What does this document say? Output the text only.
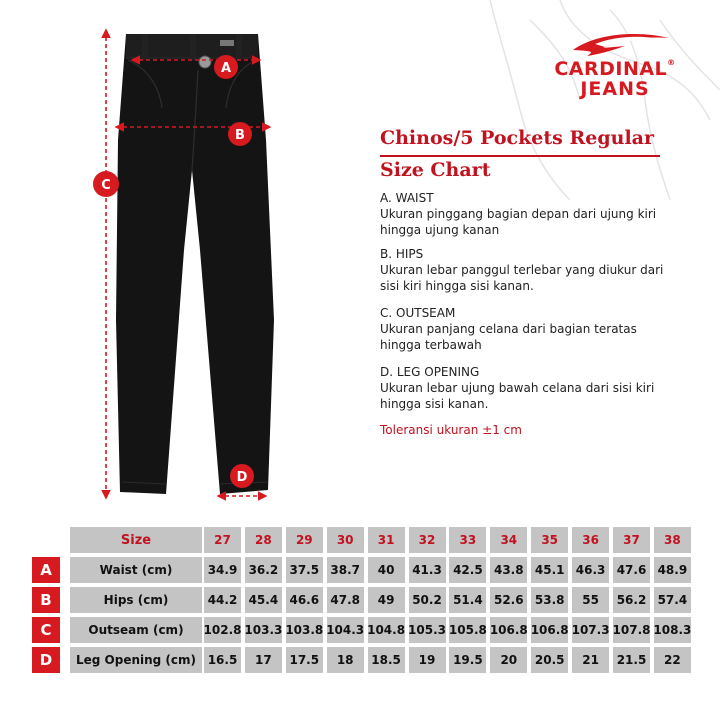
CARDINAL®
JEANS
A
B
C
D
Chinos/5 Pockets Regular
Size Chart
A. WAIST
Ukuran pinggang bagian depan dari ujung kiri hingga ujung kanan
B. HIPS
Ukuran lebar panggul terlebar yang diukur dari sisi kiri hingga sisi kanan.
C. OUTSEAM
Ukuran panjang celana dari bagian teratas hingga terbawah
D. LEG OPENING
Ukuran lebar ujung bawah celana dari sisi kiri hingga sisi kanan.
Toleransi ukuran ±1 cm
Size	27	28	29	30	31	32	33	34	35	36	37	38
A	Waist (cm)	34.9 36.2 37.5 38.7	40	41.3 42.5 43.8 45.1 46.3 47.6 48.9
B	Hips (cm)	44.2 45.4 46.6 47.8	49	50.2 51.4 52.6 53.8	55	56.2 57.4
C	Outseam (cm)	102.8 103.3 103.8 104.3 104.8 105.3 105.8 106.8 106.8 107.3 107.8 108.3
D	Leg Opening (cm) 16.5	17	17.5	18	18.5	19	19.5	20	20.5	21	21.5	22
